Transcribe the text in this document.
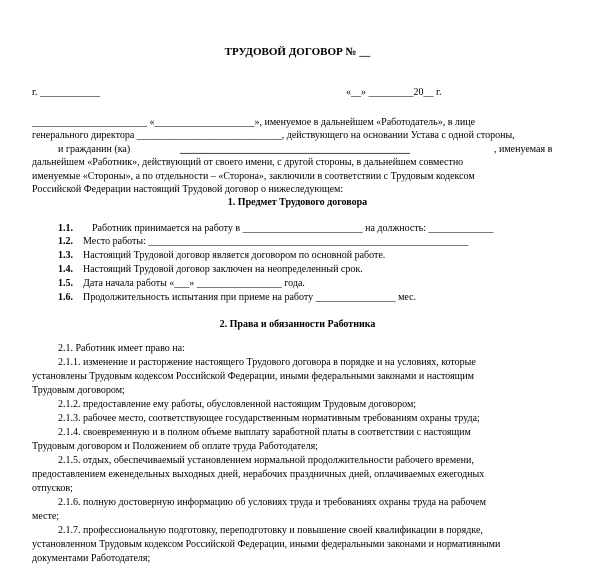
ТРУДОВОЙ ДОГОВОР № __
г. ____________	«__» _________20__ г.
_______________________ «____________________», именуемое в дальнейшем «Работодатель», в лице
генерального директора _____________________________, действующего на основании Устава с одной стороны,
и гражданин (ка)	______________________________________________	, именуемая в
дальнейшем «Работник», действующий от своего имени, с другой стороны, в дальнейшем совместно
именуемые «Стороны», а по отдельности – «Сторона», заключили в соответствии с Трудовым кодексом
Российской Федерации настоящий Трудовой договор о нижеследующем:
1. Предмет Трудового договора
1.1. Работник принимается на работу в ________________________ на должность: _____________
1.2. Место работы: ________________________________________________________________
1.3. Настоящий Трудовой договор является договором по основной работе.
1.4. Настоящий Трудовой договор заключен на неопределенный срок.
1.5. Дата начала работы «___» _________________ года.
1.6. Продолжительность испытания при приеме на работу ________________ мес.
2. Права и обязанности Работника
2.1. Работник имеет право на:
2.1.1. изменение и расторжение настоящего Трудового договора в порядке и на условиях, которые
установлены Трудовым кодексом Российской Федерации, иными федеральными законами и настоящим
Трудовым договором;
2.1.2. предоставление ему работы, обусловленной настоящим Трудовым договором;
2.1.3. рабочее место, соответствующее государственным нормативным требованиям охраны труда;
2.1.4. своевременную и в полном объеме выплату заработной платы в соответствии с настоящим
Трудовым договором и Положением об оплате труда Работодателя;
2.1.5. отдых, обеспечиваемый установлением нормальной продолжительности рабочего времени,
предоставлением еженедельных выходных дней, нерабочих праздничных дней, оплачиваемых ежегодных
отпусков;
2.1.6. полную достоверную информацию об условиях труда и требованиях охраны труда на рабочем
месте;
2.1.7. профессиональную подготовку, переподготовку и повышение своей квалификации в порядке,
установленном Трудовым кодексом Российской Федерации, иными федеральными законами и нормативными
документами Работодателя;
